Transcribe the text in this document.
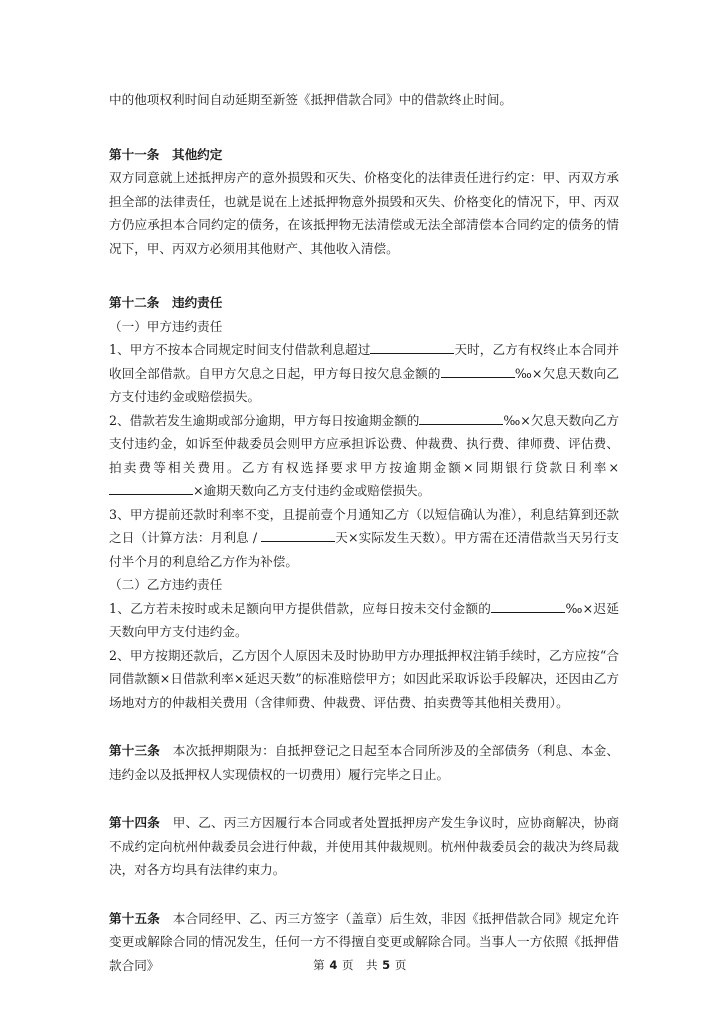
中的他项权利时间自动延期至新签《抵押借款合同》中的借款终止时间。

第十一条　其他约定

双方同意就上述抵押房产的意外损毁和灭失、价格变化的法律责任进行约定：甲、丙双方承担全部的法律责任，也就是说在上述抵押物意外损毁和灭失、价格变化的情况下，甲、丙双方仍应承担本合同约定的债务，在该抵押物无法清偿或无法全部清偿本合同约定的债务的情况下，甲、丙双方必须用其他财产、其他收入清偿。

第十二条　违约责任

（一）甲方违约责任

1、甲方不按本合同规定时间支付借款利息超过	天时，乙方有权终止本合同并收回全部借款。自甲方欠息之日起，甲方每日按欠息金额的	‰×欠息天数向乙方支付违约金或赔偿损失。

2、借款若发生逾期或部分逾期，甲方每日按逾期金额的	‰×欠息天数向乙方支付违约金，如诉至仲裁委员会则甲方应承担诉讼费、仲裁费、执行费、律师费、评估费、拍卖费等相关费用。乙方有权选择要求甲方按逾期金额×同期银行贷款日利率××逾期天数向乙方支付违约金或赔偿损失。

3、甲方提前还款时利率不变，且提前壹个月通知乙方（以短信确认为准），利息结算到还款之日（计算方法：月利息 /	天×实际发生天数）。甲方需在还清借款当天另行支付半个月的利息给乙方作为补偿。

（二）乙方违约责任

1、乙方若未按时或未足额向甲方提供借款，应每日按未交付金额的	‰×迟延天数向甲方支付违约金。

2、甲方按期还款后，乙方因个人原因未及时协助甲方办理抵押权注销手续时，乙方应按“合同借款额×日借款利率×延迟天数”的标准赔偿甲方；如因此采取诉讼手段解决，还因由乙方场地对方的仲裁相关费用（含律师费、仲裁费、评估费、拍卖费等其他相关费用）。

第十三条　本次抵押期限为：自抵押登记之日起至本合同所涉及的全部债务（利息、本金、违约金以及抵押权人实现债权的一切费用）履行完毕之日止。

第十四条　甲、乙、丙三方因履行本合同或者处置抵押房产发生争议时，应协商解决，协商不成约定向杭州仲裁委员会进行仲裁，并使用其仲裁规则。杭州仲裁委员会的裁决为终局裁决，对各方均具有法律约束力。

第十五条　本合同经甲、乙、丙三方签字（盖章）后生效，非因《抵押借款合同》规定允许变更或解除合同的情况发生，任何一方不得擅自变更或解除合同。当事人一方依照《抵押借款合同》	第 4 页　共 5 页
